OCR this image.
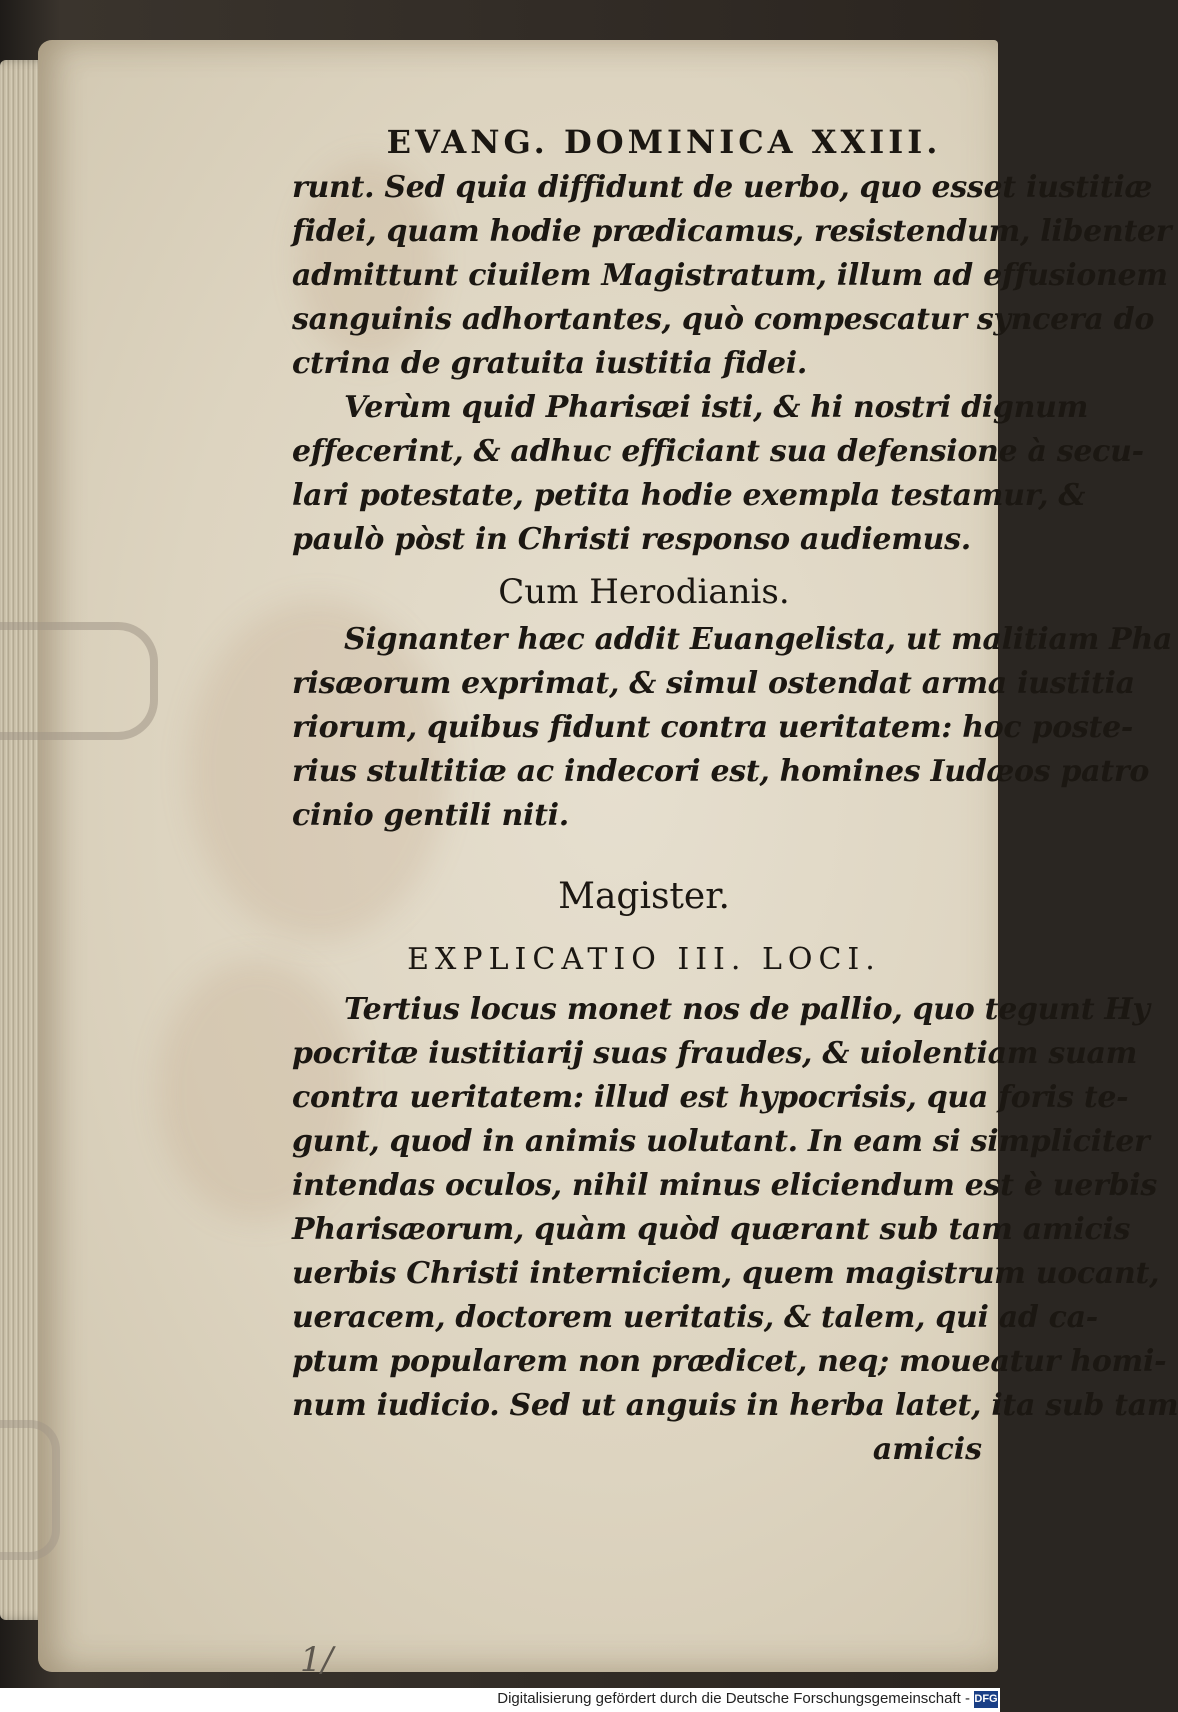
EVANG. DOMINICA XXIII.
runt. Sed quia diffidunt de uerbo, quo esset iustitiæ
fidei, quam hodie prædicamus, resistendum, libenter
admittunt ciuilem Magistratum, illum ad effusionem
sanguinis adhortantes, quò compescatur syncera do
ctrina de gratuita iustitia fidei.
Verùm quid Pharisæi isti, & hi nostri dignum
effecerint, & adhuc efficiant sua defensione à secu-
lari potestate, petita hodie exempla testamur, &
paulò pòst in Christi responso audiemus.
Cum Herodianis.
Signanter hæc addit Euangelista, ut malitiam Pha
risæorum exprimat, & simul ostendat arma iustitia
riorum, quibus fidunt contra ueritatem: hoc poste-
rius stultitiæ ac indecori est, homines Iudæos patro
cinio gentili niti.
Magister.
EXPLICATIO III. LOCI.
Tertius locus monet nos de pallio, quo tegunt Hy
pocritæ iustitiarij suas fraudes, & uiolentiam suam
contra ueritatem: illud est hypocrisis, qua foris te-
gunt, quod in animis uolutant. In eam si simpliciter
intendas oculos, nihil minus eliciendum est è uerbis
Pharisæorum, quàm quòd quærant sub tam amicis
uerbis Christi interniciem, quem magistrum uocant,
ueracem, doctorem ueritatis, & talem, qui ad ca-
ptum popularem non prædicet, neq; moueatur homi-
num iudicio. Sed ut anguis in herba latet, ita sub tam
amicis
1/
Digitalisierung gefördert durch die Deutsche Forschungsgemeinschaft - DFG
